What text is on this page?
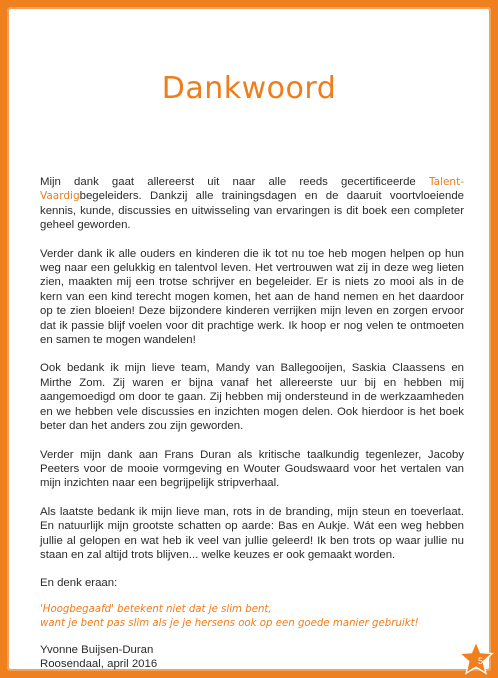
Dankwoord

Mijn dank gaat allereerst uit naar alle reeds gecertificeerde Talent-Vaardigbegeleiders. Dankzij alle trainingsdagen en de daaruit voortvloeiende kennis, kunde, discussies en uitwisseling van ervaringen is dit boek een completer geheel geworden.

Verder dank ik alle ouders en kinderen die ik tot nu toe heb mogen helpen op hun weg naar een gelukkig en talentvol leven. Het vertrouwen wat zij in deze weg lieten zien, maakten mij een trotse schrijver en begeleider. Er is niets zo mooi als in de kern van een kind terecht mogen komen, het aan de hand nemen en het daardoor op te zien bloeien! Deze bijzondere kinderen verrijken mijn leven en zorgen ervoor dat ik passie blijf voelen voor dit prachtige werk. Ik hoop er nog velen te ontmoeten en samen te mogen wandelen!

Ook bedank ik mijn lieve team, Mandy van Ballegooijen, Saskia Claassens en Mirthe Zom. Zij waren er bijna vanaf het allereerste uur bij en hebben mij aangemoedigd om door te gaan. Zij hebben mij ondersteund in de werkzaamheden en we hebben vele discussies en inzichten mogen delen. Ook hierdoor is het boek beter dan het anders zou zijn geworden.

Verder mijn dank aan Frans Duran als kritische taalkundig tegenlezer, Jacoby Peeters voor de mooie vormgeving en Wouter Goudswaard voor het vertalen van mijn inzichten naar een begrijpelijk stripverhaal.

Als laatste bedank ik mijn lieve man, rots in de branding, mijn steun en toeverlaat. En natuurlijk mijn grootste schatten op aarde: Bas en Aukje. Wát een weg hebben jullie al gelopen en wat heb ik veel van jullie geleerd! Ik ben trots op waar jullie nu staan en zal altijd trots blijven... welke keuzes er ook gemaakt worden.

En denk eraan:

'Hoogbegaafd' betekent niet dat je slim bent,
want je bent pas slim als je je hersens ook op een goede manier gebruikt!
Yvonne Buijsen-Duran
Roosendaal, april 2016	5
